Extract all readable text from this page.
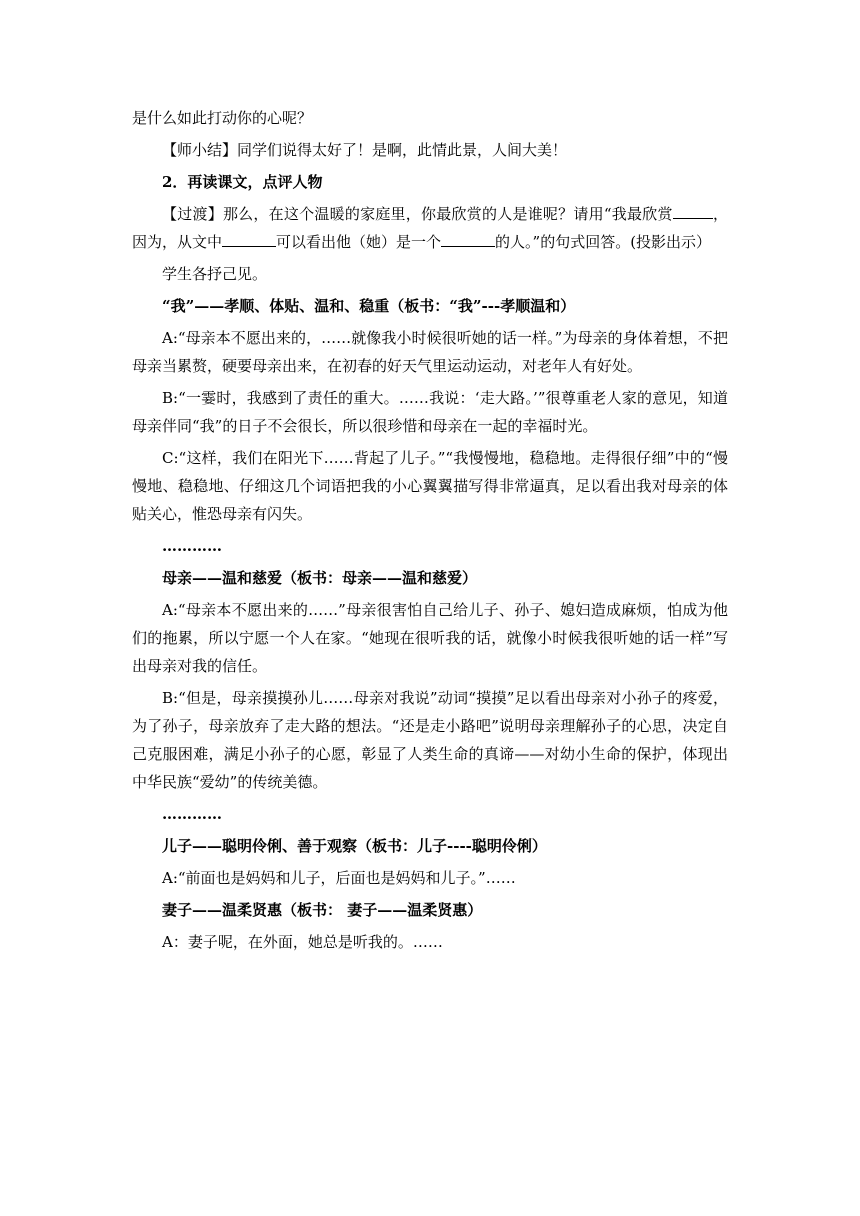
是什么如此打动你的心呢？

【师小结】同学们说得太好了！是啊，此情此景，人间大美！

2．再读课文，点评人物

【过渡】那么，在这个温暖的家庭里，你最欣赏的人是谁呢？请用“我最欣赏	，因为，从文中	可以看出他（她）是一个	的人。”的句式回答。(投影出示）

学生各抒己见。

“我”——孝顺、体贴、温和、稳重（板书：“我”---孝顺温和）

A:“母亲本不愿出来的，……就像我小时候很听她的话一样。”为母亲的身体着想，不把母亲当累赘，硬要母亲出来，在初春的好天气里运动运动，对老年人有好处。

B:“一霎时，我感到了责任的重大。……我说：‘走大路。’”很尊重老人家的意见，知道母亲伴同“我”的日子不会很长，所以很珍惜和母亲在一起的幸福时光。

C:“这样，我们在阳光下……背起了儿子。”“我慢慢地，稳稳地。走得很仔细”中的“慢慢地、稳稳地、仔细这几个词语把我的小心翼翼描写得非常逼真，足以看出我对母亲的体贴关心，惟恐母亲有闪失。

…………

母亲——温和慈爱（板书：母亲——温和慈爱）

A:“母亲本不愿出来的……”母亲很害怕自己给儿子、孙子、媳妇造成麻烦，怕成为他们的拖累，所以宁愿一个人在家。“她现在很听我的话，就像小时候我很听她的话一样”写出母亲对我的信任。

B:“但是，母亲摸摸孙儿……母亲对我说”动词“摸摸”足以看出母亲对小孙子的疼爱，为了孙子，母亲放弃了走大路的想法。“还是走小路吧”说明母亲理解孙子的心思，决定自己克服困难，满足小孙子的心愿，彰显了人类生命的真谛——对幼小生命的保护，体现出中华民族“爱幼”的传统美德。

…………

儿子——聪明伶俐、善于观察（板书：儿子----聪明伶俐）

A:“前面也是妈妈和儿子，后面也是妈妈和儿子。”……

妻子——温柔贤惠（板书： 妻子——温柔贤惠）

A：妻子呢，在外面，她总是听我的。……
